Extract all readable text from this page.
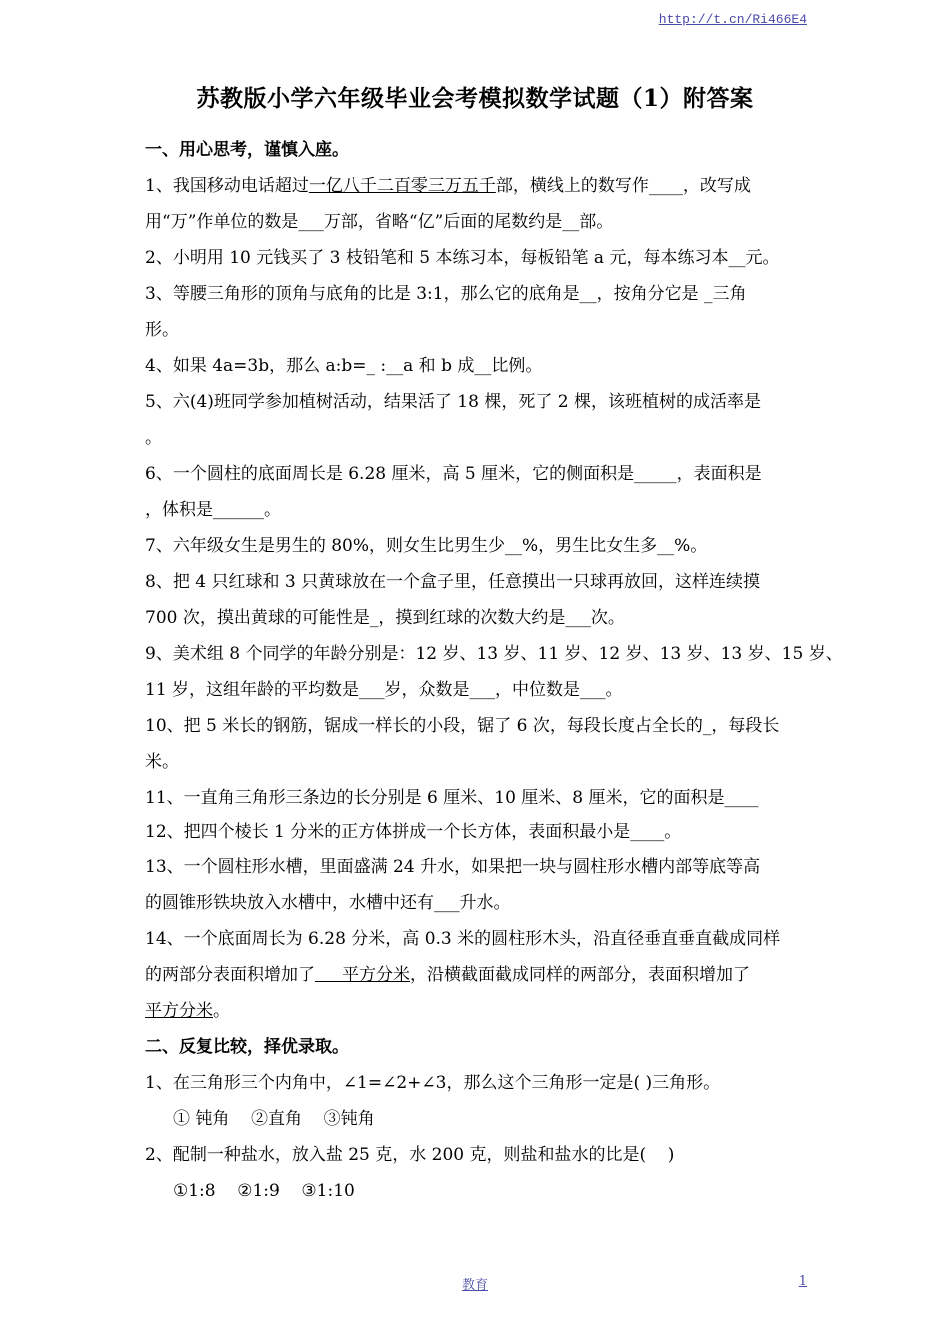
http://t.cn/Ri466E4
苏教版小学六年级毕业会考模拟数学试题（1）附答案
一、用心思考，谨慎入座。
1、我国移动电话超过一亿八千二百零三万五千部，横线上的数写作____，改写成
用“万”作单位的数是___万部，省略“亿”后面的尾数约是__部。
2、小明用 10 元钱买了 3 枝铅笔和 5 本练习本，每板铅笔 a 元，每本练习本__元。
3、等腰三角形的顶角与底角的比是 3:1，那么它的底角是__，按角分它是 _三角
形。
4、如果 4a=3b，那么 a:b=_ :__a 和 b 成__比例。
5、六(4)班同学参加植树活动，结果活了 18 棵，死了 2 棵，该班植树的成活率是
。
6、一个圆柱的底面周长是 6.28 厘米，高 5 厘米，它的侧面积是_____，表面积是
，体积是______。
7、六年级女生是男生的 80%，则女生比男生少__%，男生比女生多__%。
8、把 4 只红球和 3 只黄球放在一个盒子里，任意摸出一只球再放回，这样连续摸
700 次，摸出黄球的可能性是_，摸到红球的次数大约是___次。
9、美术组 8 个同学的年龄分别是：12 岁、13 岁、11 岁、12 岁、13 岁、13 岁、15 岁、
11 岁，这组年龄的平均数是___岁，众数是___，中位数是___。
10、把 5 米长的钢筋，锯成一样长的小段，锯了 6 次，每段长度占全长的_，每段长
米。
11、一直角三角形三条边的长分别是 6 厘米、10 厘米、8 厘米，它的面积是____
12、把四个棱长 1 分米的正方体拼成一个长方体，表面积最小是____。
13、一个圆柱形水槽，里面盛满 24 升水，如果把一块与圆柱形水槽内部等底等高
的圆锥形铁块放入水槽中，水槽中还有___升水。
14、一个底面周长为 6.28 分米，高 0.3 米的圆柱形木头，沿直径垂直垂直截成同样
的两部分表面积增加了     平方分米，沿横截面截成同样的两部分，表面积增加了
平方分米。
二、反复比较，择优录取。
1、在三角形三个内角中，∠1=∠2+∠3，那么这个三角形一定是( )三角形。
① 钝角    ②直角    ③钝角
2、配制一种盐水，放入盐 25 克，水 200 克，则盐和盐水的比是(    )
①1:8    ②1:9    ③1:10
教育	1
